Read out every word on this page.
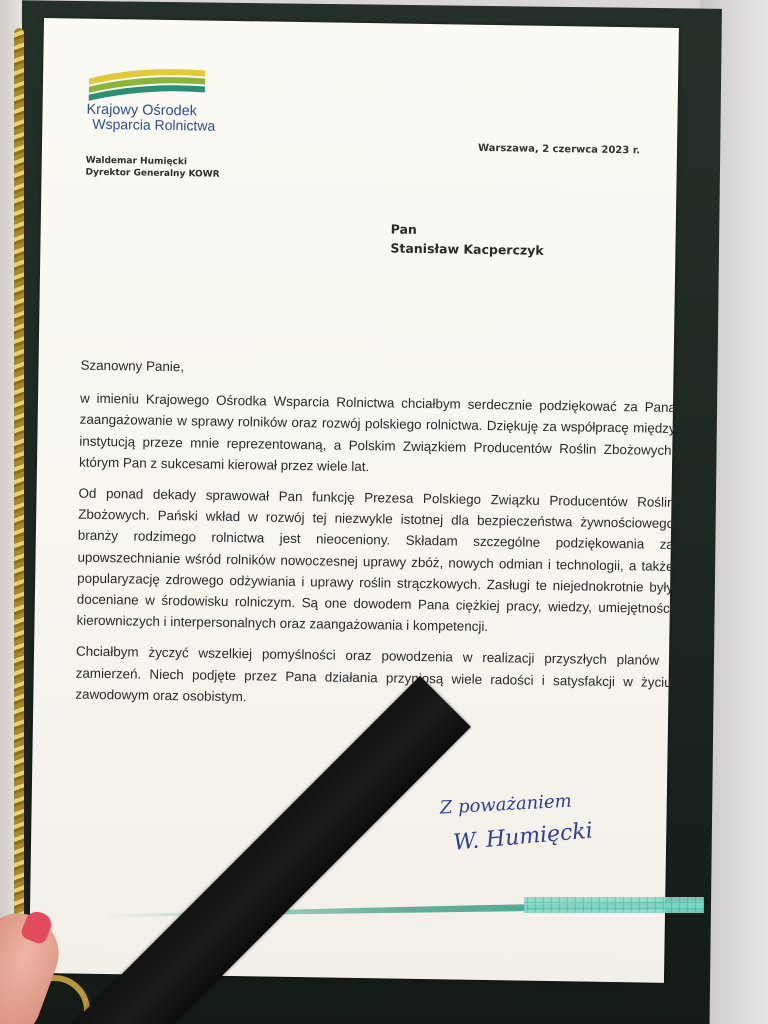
Krajowy Ośrodek
Wsparcia Rolnictwa
Waldemar Humięcki
Dyrektor Generalny KOWR
Warszawa, 2 czerwca 2023 r.
Pan
Stanisław Kacperczyk

Szanowny Panie,

w imieniu Krajowego Ośrodka Wsparcia Rolnictwa chciałbym serdecznie podziękować za Pana zaangażowanie w sprawy rolników oraz rozwój polskiego rolnictwa. Dziękuję za współpracę między instytucją przeze mnie reprezentowaną, a Polskim Związkiem Producentów Roślin Zbożowych, którym Pan z sukcesami kierował przez wiele lat.

Od ponad dekady sprawował Pan funkcję Prezesa Polskiego Związku Producentów Roślin Zbożowych. Pański wkład w rozwój tej niezwykle istotnej dla bezpieczeństwa żywnościowego branży rodzimego rolnictwa jest nieoceniony. Składam szczególne podziękowania za upowszechnianie wśród rolników nowoczesnej uprawy zbóż, nowych odmian i technologii, a także popularyzację zdrowego odżywiania i uprawy roślin strączkowych. Zasługi te niejednokrotnie były doceniane w środowisku rolniczym. Są one dowodem Pana ciężkiej pracy, wiedzy, umiejętności kierowniczych i interpersonalnych oraz zaangażowania i kompetencji.

Chciałbym życzyć wszelkiej pomyślności oraz powodzenia w realizacji przyszłych planów i zamierzeń. Niech podjęte przez Pana działania przyniosą wiele radości i satysfakcji w życiu zawodowym oraz osobistym.

Z poważaniem
W. Humięcki
